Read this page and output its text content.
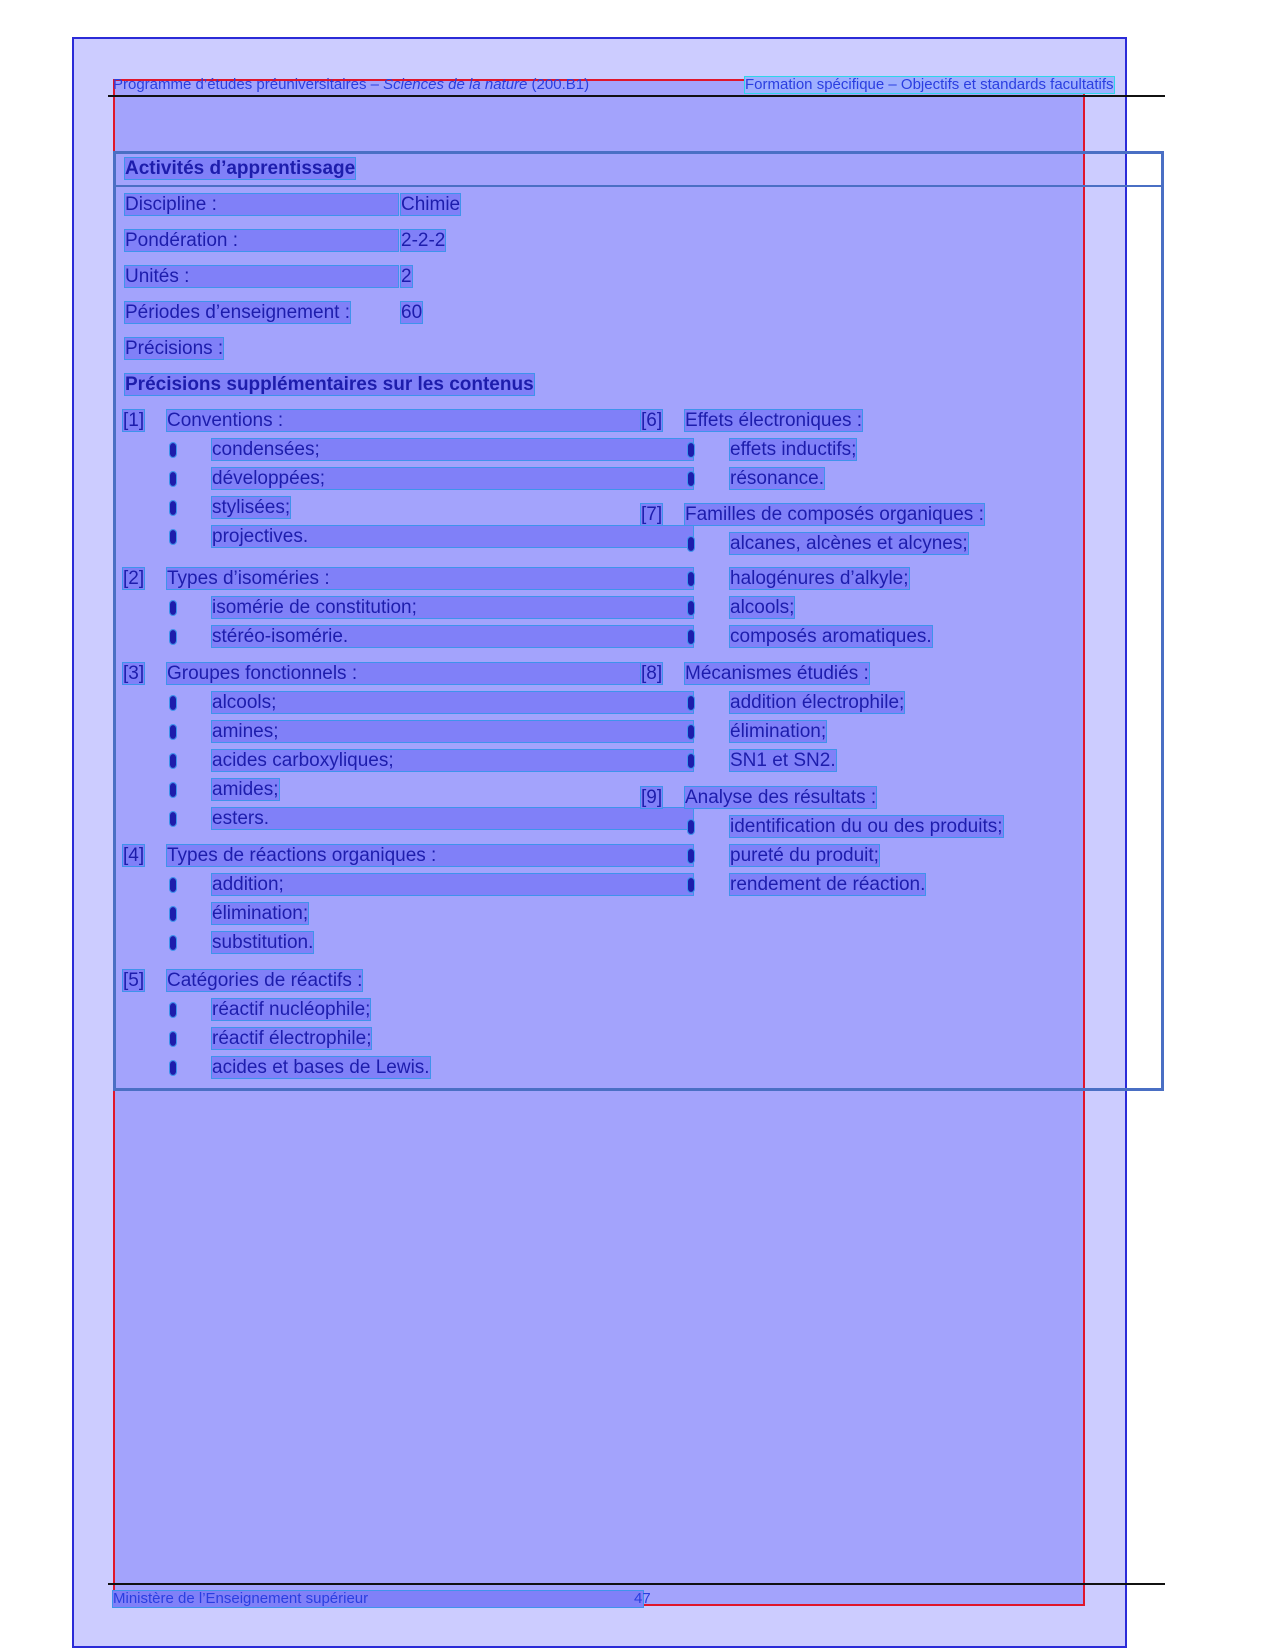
Programme d’études préuniversitaires – Sciences de la nature (200.B1)	Formation spécifique – Objectifs et standards facultatifs
Activités d’apprentissage
Discipline :	Chimie
Pondération :	2-2-2
Unités :	2
Périodes d’enseignement :	60
Précisions :
Précisions supplémentaires sur les contenus
[1] Conventions :
condensées;
développées;
stylisées;
projectives.
[2] Types d’isoméries :
isomérie de constitution;
stéréo-isomérie.
[3] Groupes fonctionnels :
alcools;
amines;
acides carboxyliques;
amides;
esters.
[4] Types de réactions organiques :
addition;
élimination;
substitution.
[5] Catégories de réactifs :
réactif nucléophile;
réactif électrophile;
acides et bases de Lewis.
[6] Effets électroniques :
effets inductifs;
résonance.
[7] Familles de composés organiques :
alcanes, alcènes et alcynes;
halogénures d’alkyle;
alcools;
composés aromatiques.
[8] Mécanismes étudiés :
addition électrophile;
élimination;
SN1 et SN2.
[9] Analyse des résultats :
identification du ou des produits;
pureté du produit;
rendement de réaction.
Ministère de l’Enseignement supérieur	47
